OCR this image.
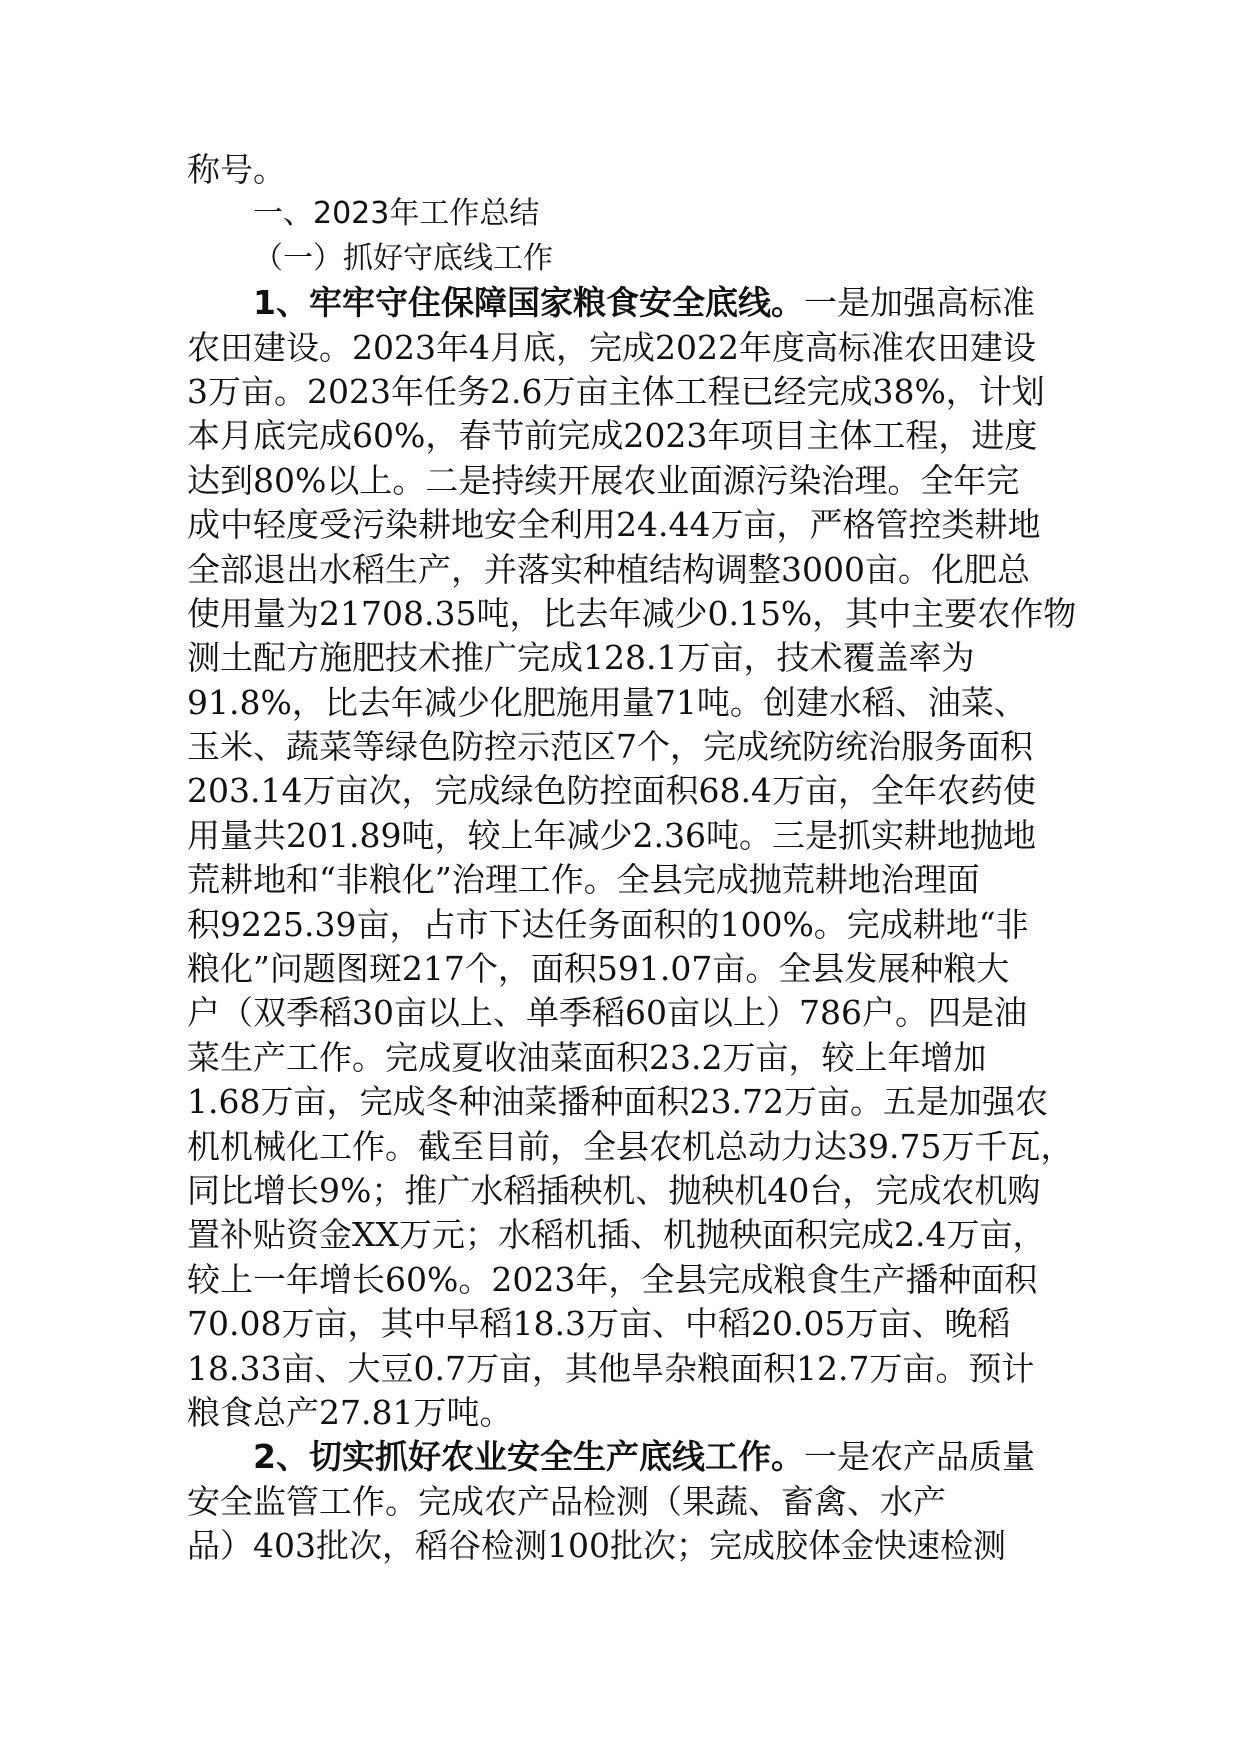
称号。
一、2023年工作总结
（一）抓好守底线工作
1、牢牢守住保障国家粮食安全底线。一是加强高标准
农田建设。2023年4月底，完成2022年度高标准农田建设
3万亩。2023年任务2.6万亩主体工程已经完成38%，计划
本月底完成60%，春节前完成2023年项目主体工程，进度
达到80%以上。二是持续开展农业面源污染治理。全年完
成中轻度受污染耕地安全利用24.44万亩，严格管控类耕地
全部退出水稻生产，并落实种植结构调整3000亩。化肥总
使用量为21708.35吨，比去年减少0.15%，其中主要农作物
测土配方施肥技术推广完成128.1万亩，技术覆盖率为
91.8%，比去年减少化肥施用量71吨。创建水稻、油菜、
玉米、蔬菜等绿色防控示范区7个，完成统防统治服务面积
203.14万亩次，完成绿色防控面积68.4万亩，全年农药使
用量共201.89吨，较上年减少2.36吨。三是抓实耕地抛地
荒耕地和“非粮化”治理工作。全县完成抛荒耕地治理面
积9225.39亩，占市下达任务面积的100%。完成耕地“非
粮化”问题图斑217个，面积591.07亩。全县发展种粮大
户（双季稻30亩以上、单季稻60亩以上）786户。四是油
菜生产工作。完成夏收油菜面积23.2万亩，较上年增加
1.68万亩，完成冬种油菜播种面积23.72万亩。五是加强农
机机械化工作。截至目前，全县农机总动力达39.75万千瓦，
同比增长9%；推广水稻插秧机、抛秧机40台，完成农机购
置补贴资金XX万元；水稻机插、机抛秧面积完成2.4万亩，
较上一年增长60%。2023年，全县完成粮食生产播种面积
70.08万亩，其中早稻18.3万亩、中稻20.05万亩、晚稻
18.33亩、大豆0.7万亩，其他旱杂粮面积12.7万亩。预计
粮食总产27.81万吨。
2、切实抓好农业安全生产底线工作。一是农产品质量
安全监管工作。完成农产品检测（果蔬、畜禽、水产
品）403批次，稻谷检测100批次；完成胶体金快速检测
